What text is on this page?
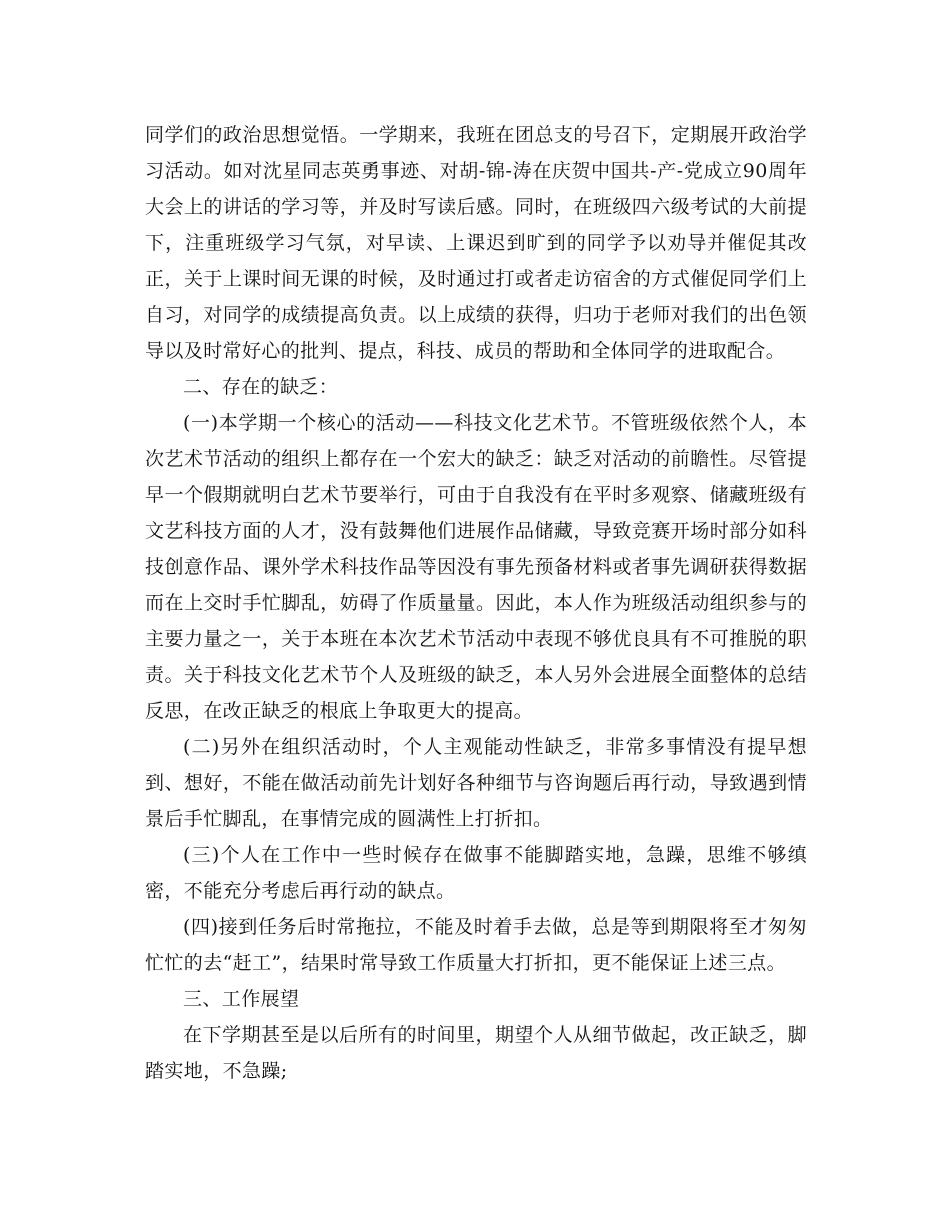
同学们的政治思想觉悟。一学期来，我班在团总支的号召下，定期展开政治学习活动。如对沈星同志英勇事迹、对胡-锦-涛在庆贺中国共-产-党成立90周年大会上的讲话的学习等，并及时写读后感。同时，在班级四六级考试的大前提下，注重班级学习气氛，对早读、上课迟到旷到的同学予以劝导并催促其改正，关于上课时间无课的时候，及时通过打或者走访宿舍的方式催促同学们上自习，对同学的成绩提高负责。以上成绩的获得，归功于老师对我们的出色领导以及时常好心的批判、提点，科技、成员的帮助和全体同学的进取配合。

二、存在的缺乏：

(一)本学期一个核心的活动——科技文化艺术节。不管班级依然个人，本次艺术节活动的组织上都存在一个宏大的缺乏：缺乏对活动的前瞻性。尽管提早一个假期就明白艺术节要举行，可由于自我没有在平时多观察、储藏班级有文艺科技方面的人才，没有鼓舞他们进展作品储藏，导致竞赛开场时部分如科技创意作品、课外学术科技作品等因没有事先预备材料或者事先调研获得数据而在上交时手忙脚乱，妨碍了作质量量。因此，本人作为班级活动组织参与的主要力量之一，关于本班在本次艺术节活动中表现不够优良具有不可推脱的职责。关于科技文化艺术节个人及班级的缺乏，本人另外会进展全面整体的总结反思，在改正缺乏的根底上争取更大的提高。

(二)另外在组织活动时，个人主观能动性缺乏，非常多事情没有提早想到、想好，不能在做活动前先计划好各种细节与咨询题后再行动，导致遇到情景后手忙脚乱，在事情完成的圆满性上打折扣。

(三)个人在工作中一些时候存在做事不能脚踏实地，急躁，思维不够缜密，不能充分考虑后再行动的缺点。

(四)接到任务后时常拖拉，不能及时着手去做，总是等到期限将至才匆匆忙忙的去“赶工”，结果时常导致工作质量大打折扣，更不能保证上述三点。

三、工作展望

在下学期甚至是以后所有的时间里，期望个人从细节做起，改正缺乏，脚踏实地，不急躁;
